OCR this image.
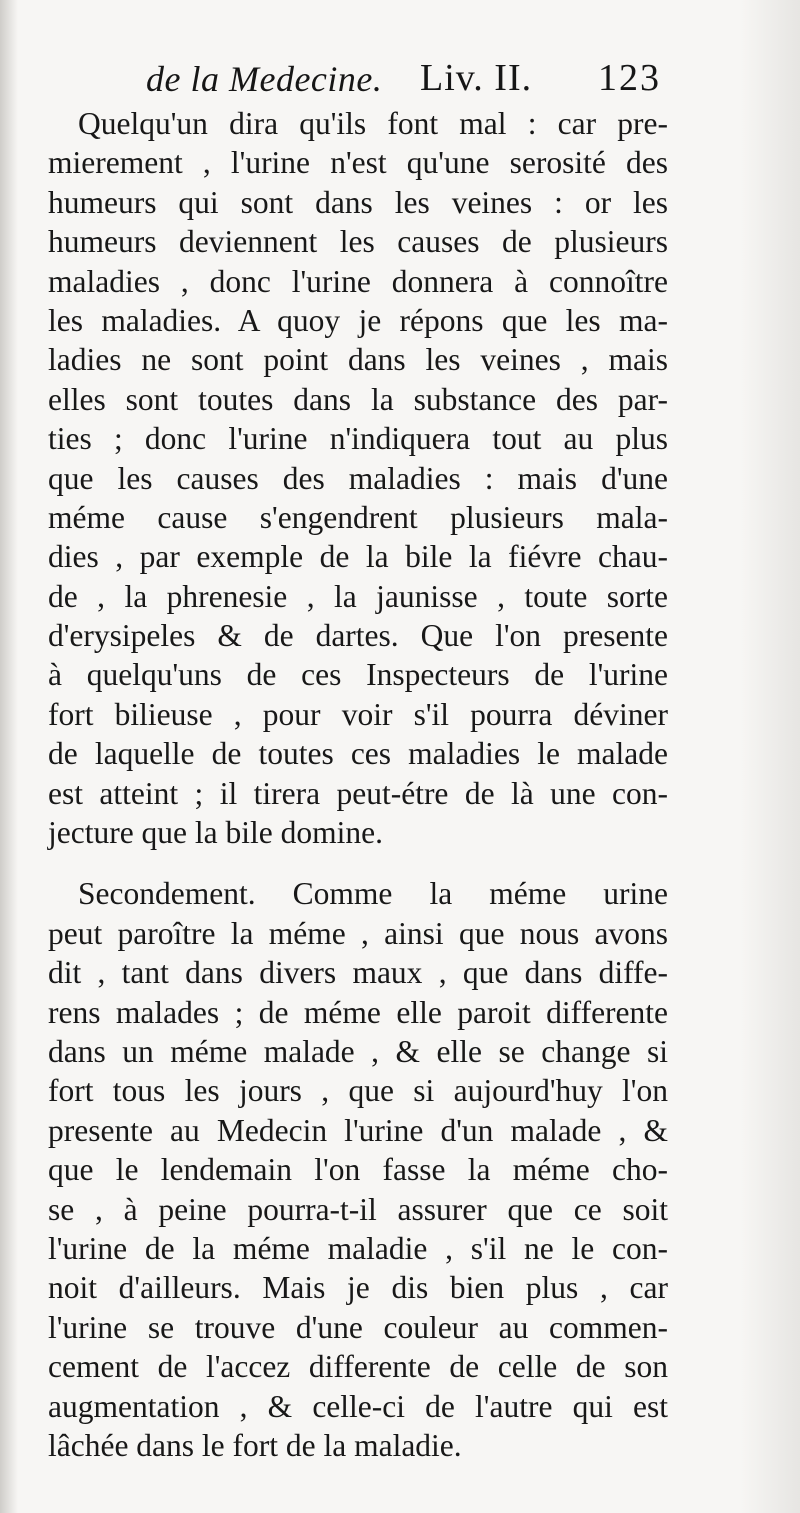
de la Medecine. Liv. II. 123
Quelqu'un dira qu'ils font mal : car pre-
mierement , l'urine n'est qu'une serosité des
humeurs qui sont dans les veines : or les
humeurs deviennent les causes de plusieurs
maladies , donc l'urine donnera à connoître
les maladies. A quoy je répons que les ma-
ladies ne sont point dans les veines , mais
elles sont toutes dans la substance des par-
ties ; donc l'urine n'indiquera tout au plus
que les causes des maladies : mais d'une
méme cause s'engendrent plusieurs mala-
dies , par exemple de la bile la fiévre chau-
de , la phrenesie , la jaunisse , toute sorte
d'erysipeles & de dartes. Que l'on presente
à quelqu'uns de ces Inspecteurs de l'urine
fort bilieuse , pour voir s'il pourra déviner
de laquelle de toutes ces maladies le malade
est atteint ; il tirera peut-étre de là une con-
jecture que la bile domine.
Secondement. Comme la méme urine
peut paroître la méme , ainsi que nous avons
dit , tant dans divers maux , que dans diffe-
rens malades ; de méme elle paroit differente
dans un méme malade , & elle se change si
fort tous les jours , que si aujourd'huy l'on
presente au Medecin l'urine d'un malade , &
que le lendemain l'on fasse la méme cho-
se , à peine pourra-t-il assurer que ce soit
l'urine de la méme maladie , s'il ne le con-
noit d'ailleurs. Mais je dis bien plus , car
l'urine se trouve d'une couleur au commen-
cement de l'accez differente de celle de son
augmentation , & celle-ci de l'autre qui est
lâchée dans le fort de la maladie.
